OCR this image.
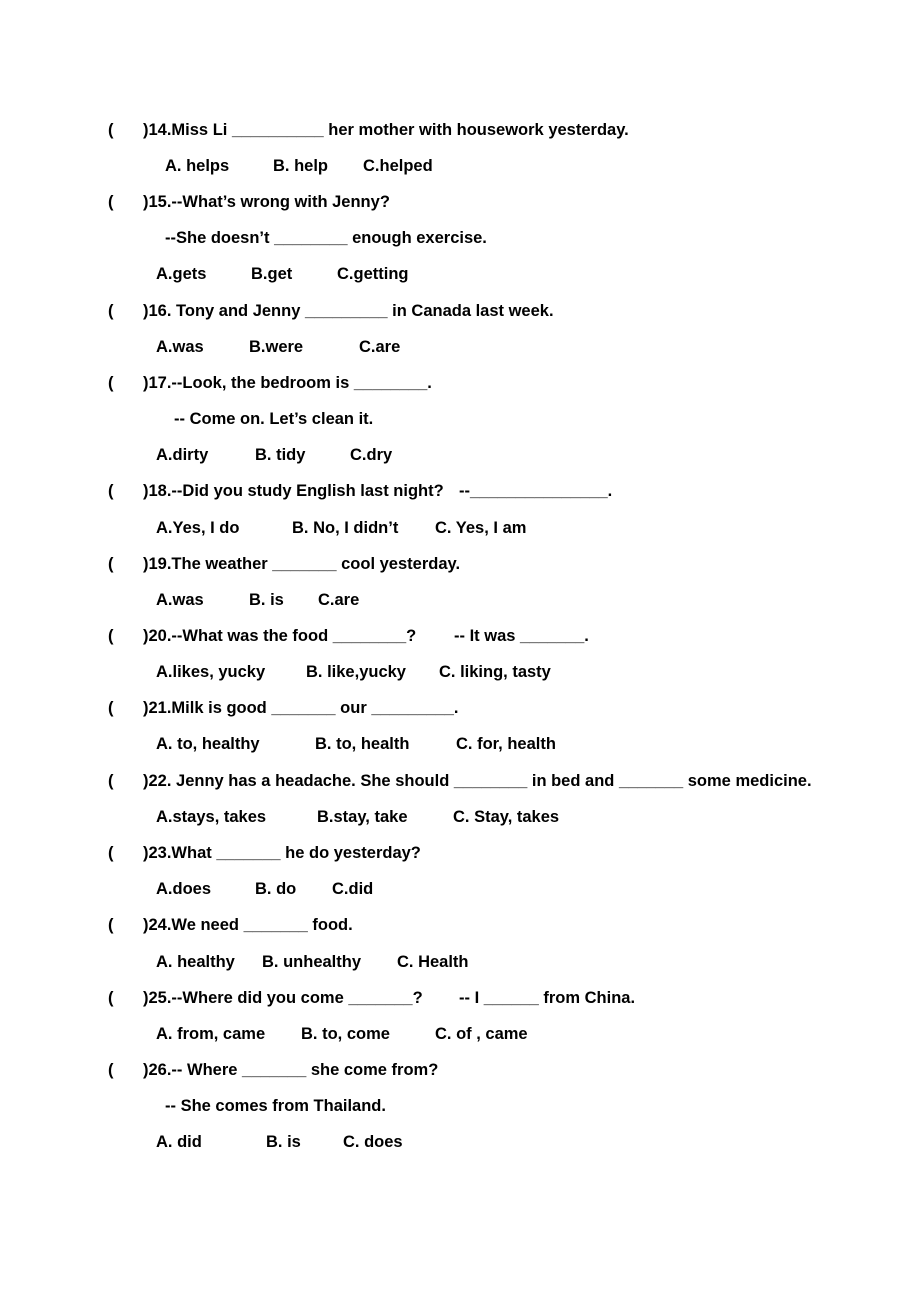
( )14.Miss Li __________ her mother with housework yesterday.
A. helps	B. help C.helped
( )15.--What’s wrong with Jenny?
--She doesn’t ________ enough exercise.
A.gets	B.get	C.getting
( )16. Tony and Jenny _________ in Canada last week.
A.was	B.were	C.are
( )17.--Look, the bedroom is ________.
-- Come on. Let’s clean it.
A.dirty	B. tidy	C.dry
( )18.--Did you study English last night? --_______________.
A.Yes, I do	B. No, I didn’t C. Yes, I am
( )19.The weather _______ cool yesterday.
A.was	B. is C.are
( )20.--What was the food ________? -- It was _______.
A.likes, yucky B. like,yucky C. liking, tasty
( )21.Milk is good _______ our _________.
A. to, healthy	B. to, health	C. for, health
( )22. Jenny has a headache. She should ________ in bed and _______ some medicine.
A.stays, takes	B.stay, take	C. Stay, takes
( )23.What _______ he do yesterday?
A.does	B. do C.did
( )24.We need _______ food.
A. healthy B. unhealthy C. Health
( )25.--Where did you come _______? -- I ______ from China.
A. from, came B. to, come	C. of , came
( )26.-- Where _______ she come from?
-- She comes from Thailand.
A. did	B. is	C. does
